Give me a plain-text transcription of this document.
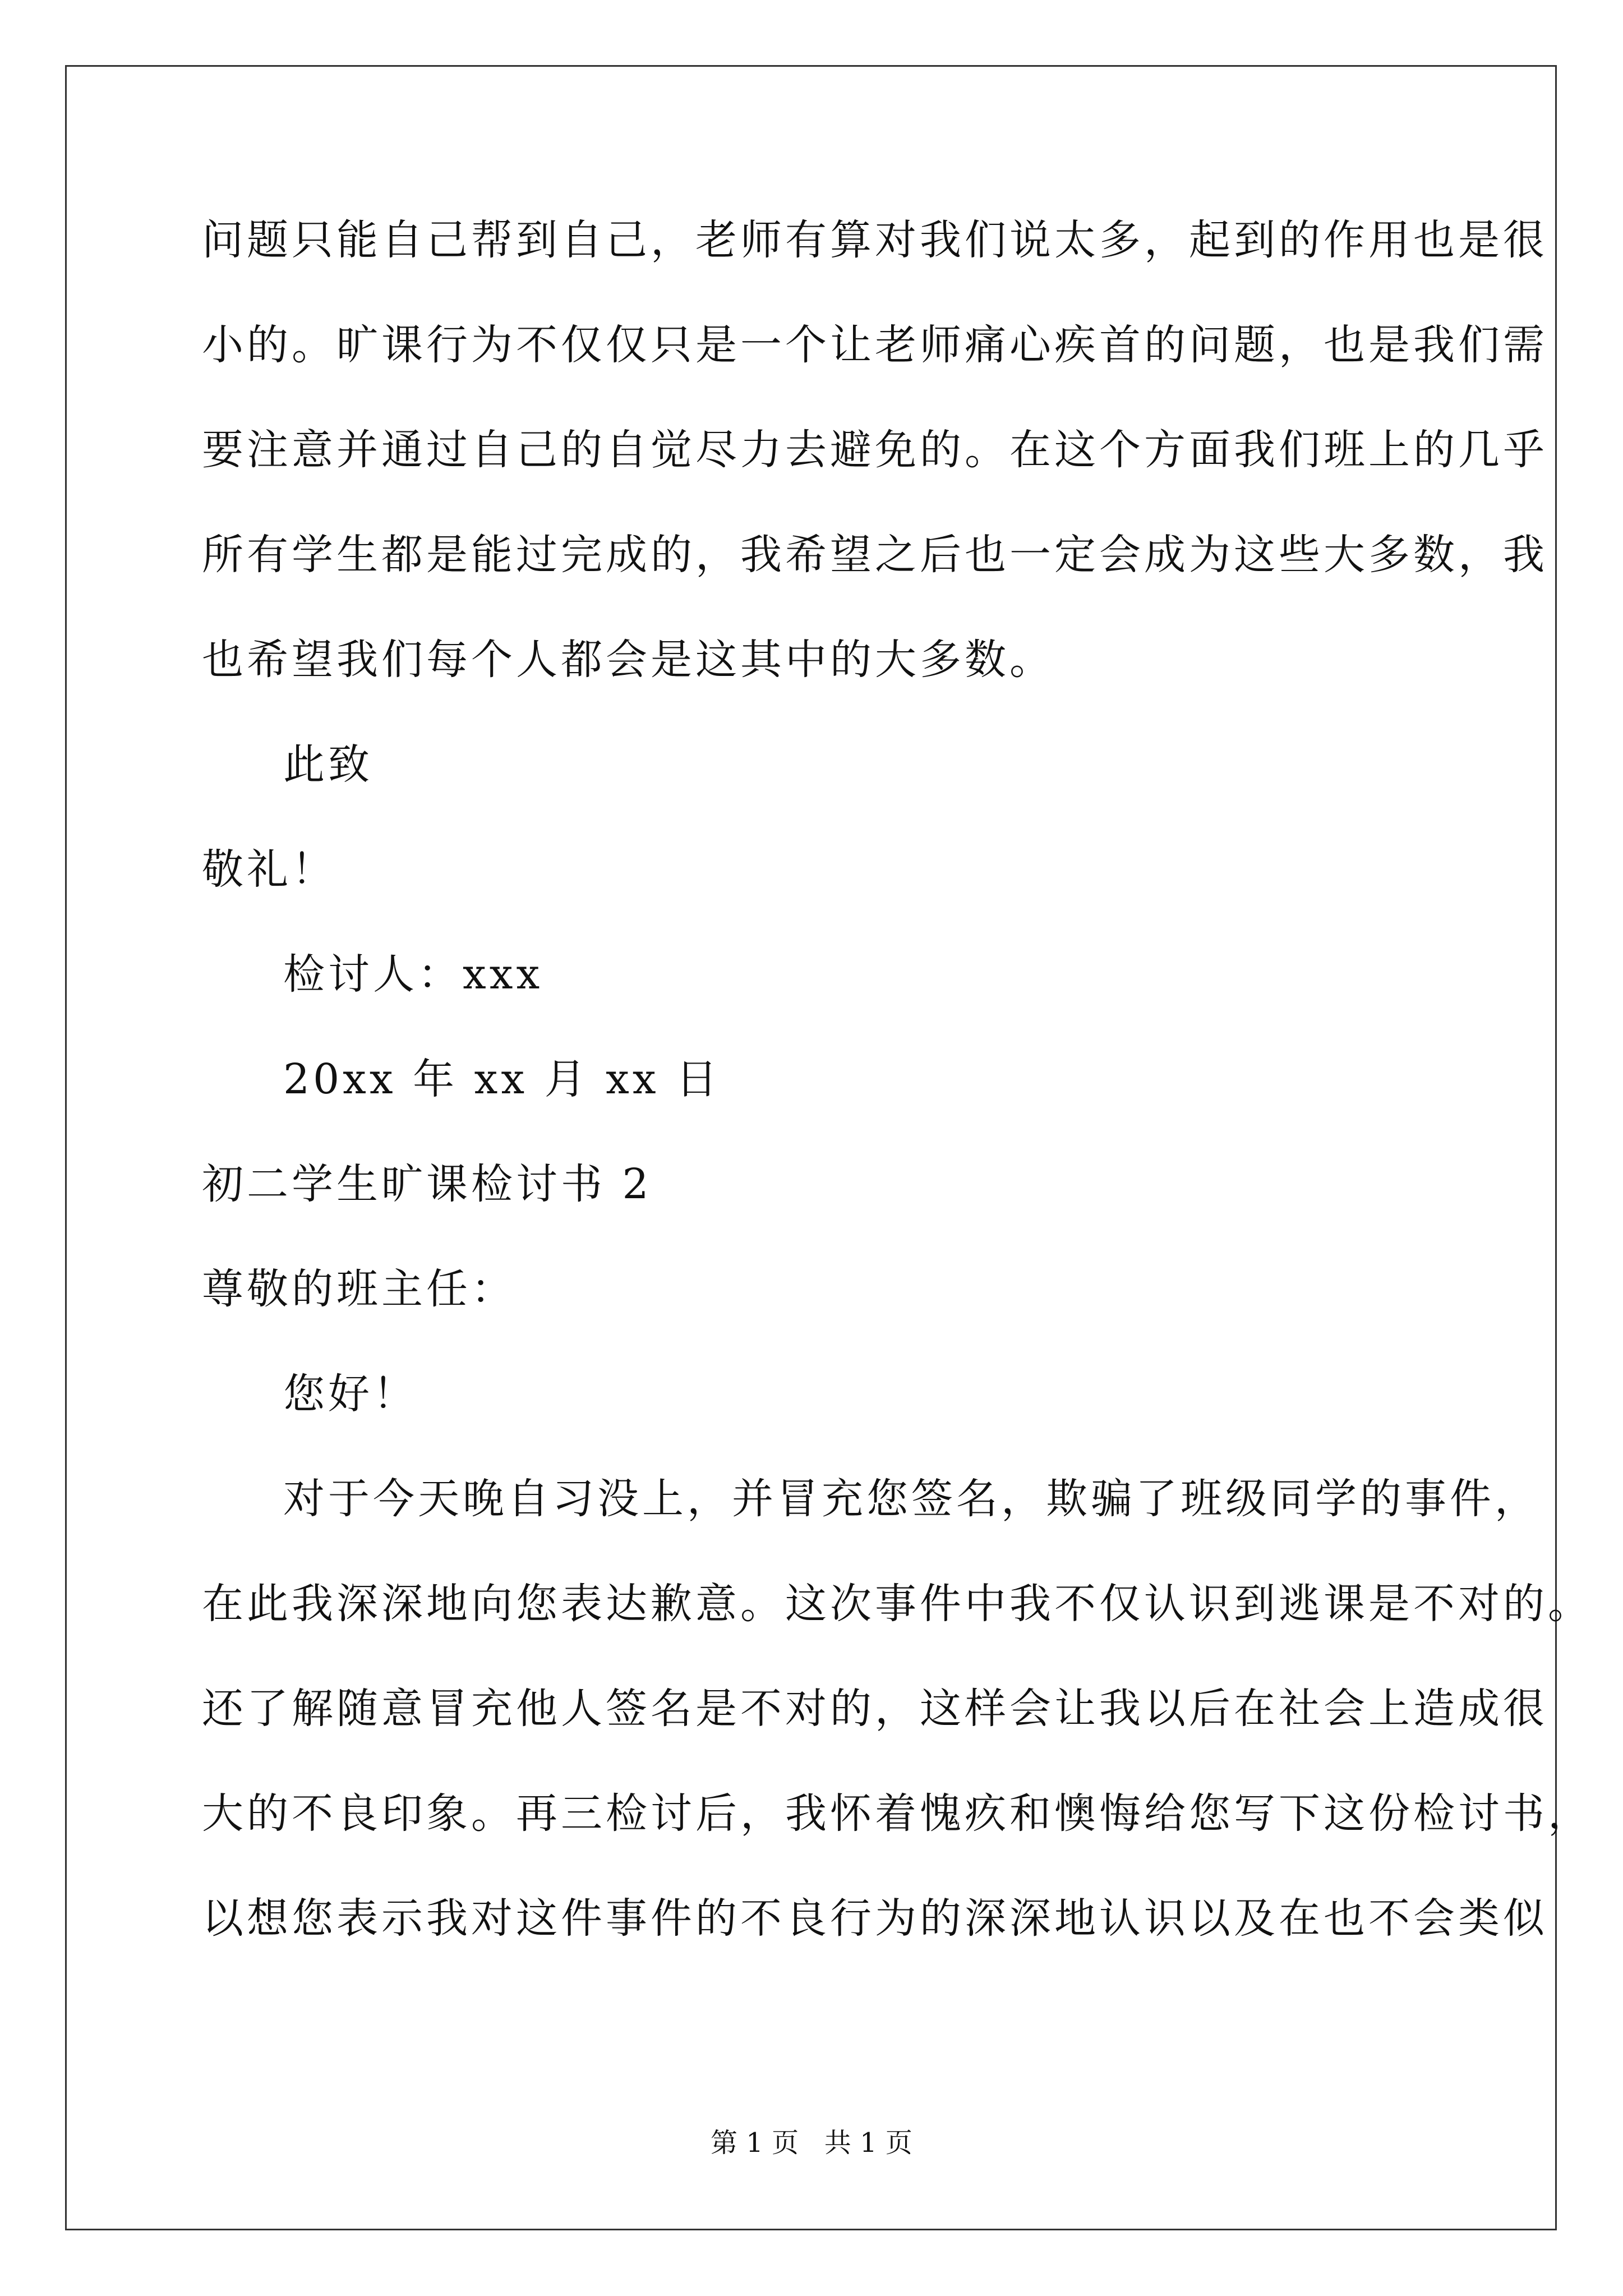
问题只能自己帮到自己，老师有算对我们说太多，起到的作用也是很
小的。旷课行为不仅仅只是一个让老师痛心疾首的问题，也是我们需
要注意并通过自己的自觉尽力去避免的。在这个方面我们班上的几乎
所有学生都是能过完成的，我希望之后也一定会成为这些大多数，我
也希望我们每个人都会是这其中的大多数。
此致
敬礼！
检讨人：xxx
20xx 年 xx 月 xx 日
初二学生旷课检讨书 2
尊敬的班主任：
您好！
对于今天晚自习没上，并冒充您签名，欺骗了班级同学的事件，
在此我深深地向您表达歉意。这次事件中我不仅认识到逃课是不对的。
还了解随意冒充他人签名是不对的，这样会让我以后在社会上造成很
大的不良印象。再三检讨后，我怀着愧疚和懊悔给您写下这份检讨书，
以想您表示我对这件事件的不良行为的深深地认识以及在也不会类似
第 1 页   共 1 页
